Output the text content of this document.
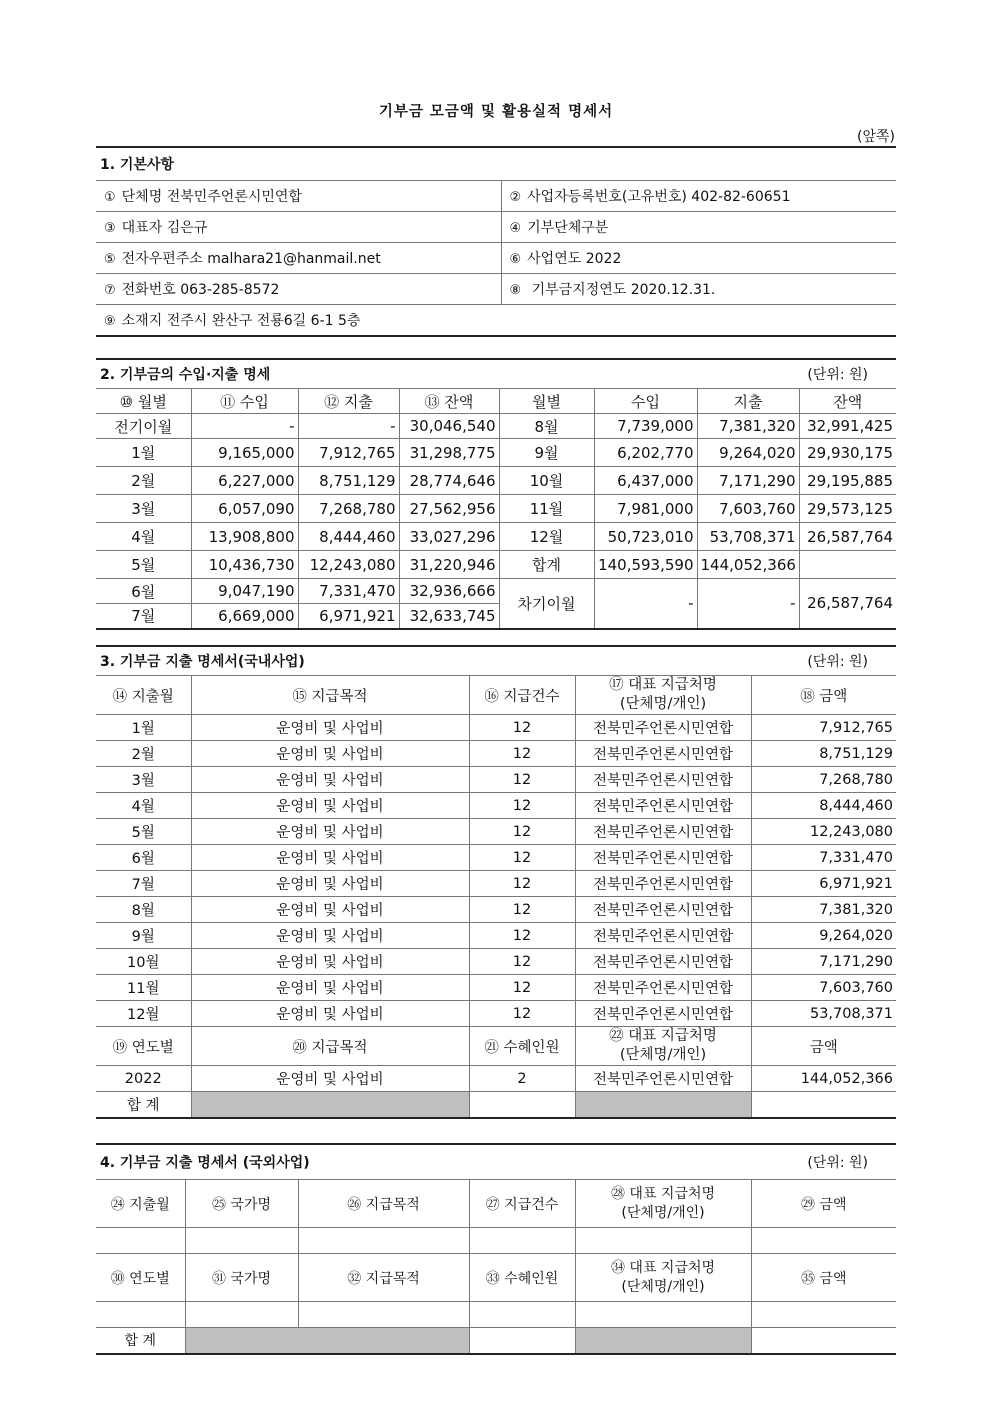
기부금 모금액 및 활용실적 명세서
(앞쪽)
1. 기본사항
① 단체명 전북민주언론시민연합	② 사업자등록번호(고유번호) 402-82-60651
③ 대표자 김은규	④ 기부단체구분
⑤ 전자우편주소 malhara21@hanmail.net	⑥ 사업연도 2022
⑦ 전화번호 063-285-8572	⑧ 기부금지정연도 2020.12.31.
⑨ 소재지 전주시 완산구 전룡6길 6-1 5층	
2. 기부금의 수입·지출 명세	(단위: 원)
⑩ 월별	⑪ 수입	⑫ 지출	⑬ 잔액	월별	수입	지출	잔액
전기이월	-	-	30,046,540	8월	7,739,000	7,381,320	32,991,425
1월	9,165,000	7,912,765	31,298,775	9월	6,202,770	9,264,020	29,930,175
2월	6,227,000	8,751,129	28,774,646	10월	6,437,000	7,171,290	29,195,885
3월	6,057,090	7,268,780	27,562,956	11월	7,981,000	7,603,760	29,573,125
4월	13,908,800	8,444,460	33,027,296	12월	50,723,010	53,708,371	26,587,764
5월	10,436,730	12,243,080	31,220,946	합계	140,593,590	144,052,366	
6월	9,047,190	7,331,470	32,936,666	차기이월	-	-	26,587,764
7월	6,669,000	6,971,921	32,633,745				
3. 기부금 지출 명세서(국내사업)	(단위: 원)
⑭ 지출월	⑮ 지급목적	⑯ 지급건수	⑰ 대표 지급처명
(단체명/개인)	⑱ 금액
1월	운영비 및 사업비	12	전북민주언론시민연합	7,912,765
2월	운영비 및 사업비	12	전북민주언론시민연합	8,751,129
3월	운영비 및 사업비	12	전북민주언론시민연합	7,268,780
4월	운영비 및 사업비	12	전북민주언론시민연합	8,444,460
5월	운영비 및 사업비	12	전북민주언론시민연합	12,243,080
6월	운영비 및 사업비	12	전북민주언론시민연합	7,331,470
7월	운영비 및 사업비	12	전북민주언론시민연합	6,971,921
8월	운영비 및 사업비	12	전북민주언론시민연합	7,381,320
9월	운영비 및 사업비	12	전북민주언론시민연합	9,264,020
10월	운영비 및 사업비	12	전북민주언론시민연합	7,171,290
11월	운영비 및 사업비	12	전북민주언론시민연합	7,603,760
12월	운영비 및 사업비	12	전북민주언론시민연합	53,708,371
⑲ 연도별	⑳ 지급목적	㉑ 수혜인원	㉒ 대표 지급처명
(단체명/개인)	금액
2022	운영비 및 사업비	2	전북민주언론시민연합	144,052,366
합 계				
4. 기부금 지출 명세서 (국외사업)	(단위: 원)
㉔ 지출월	㉕ 국가명	㉖ 지급목적	㉗ 지급건수	㉘ 대표 지급처명
(단체명/개인)	㉙ 금액

㉚ 연도별	㉛ 국가명	㉜ 지급목적	㉝ 수혜인원	㉞ 대표 지급처명
(단체명/개인)	㉟ 금액

합 계					
